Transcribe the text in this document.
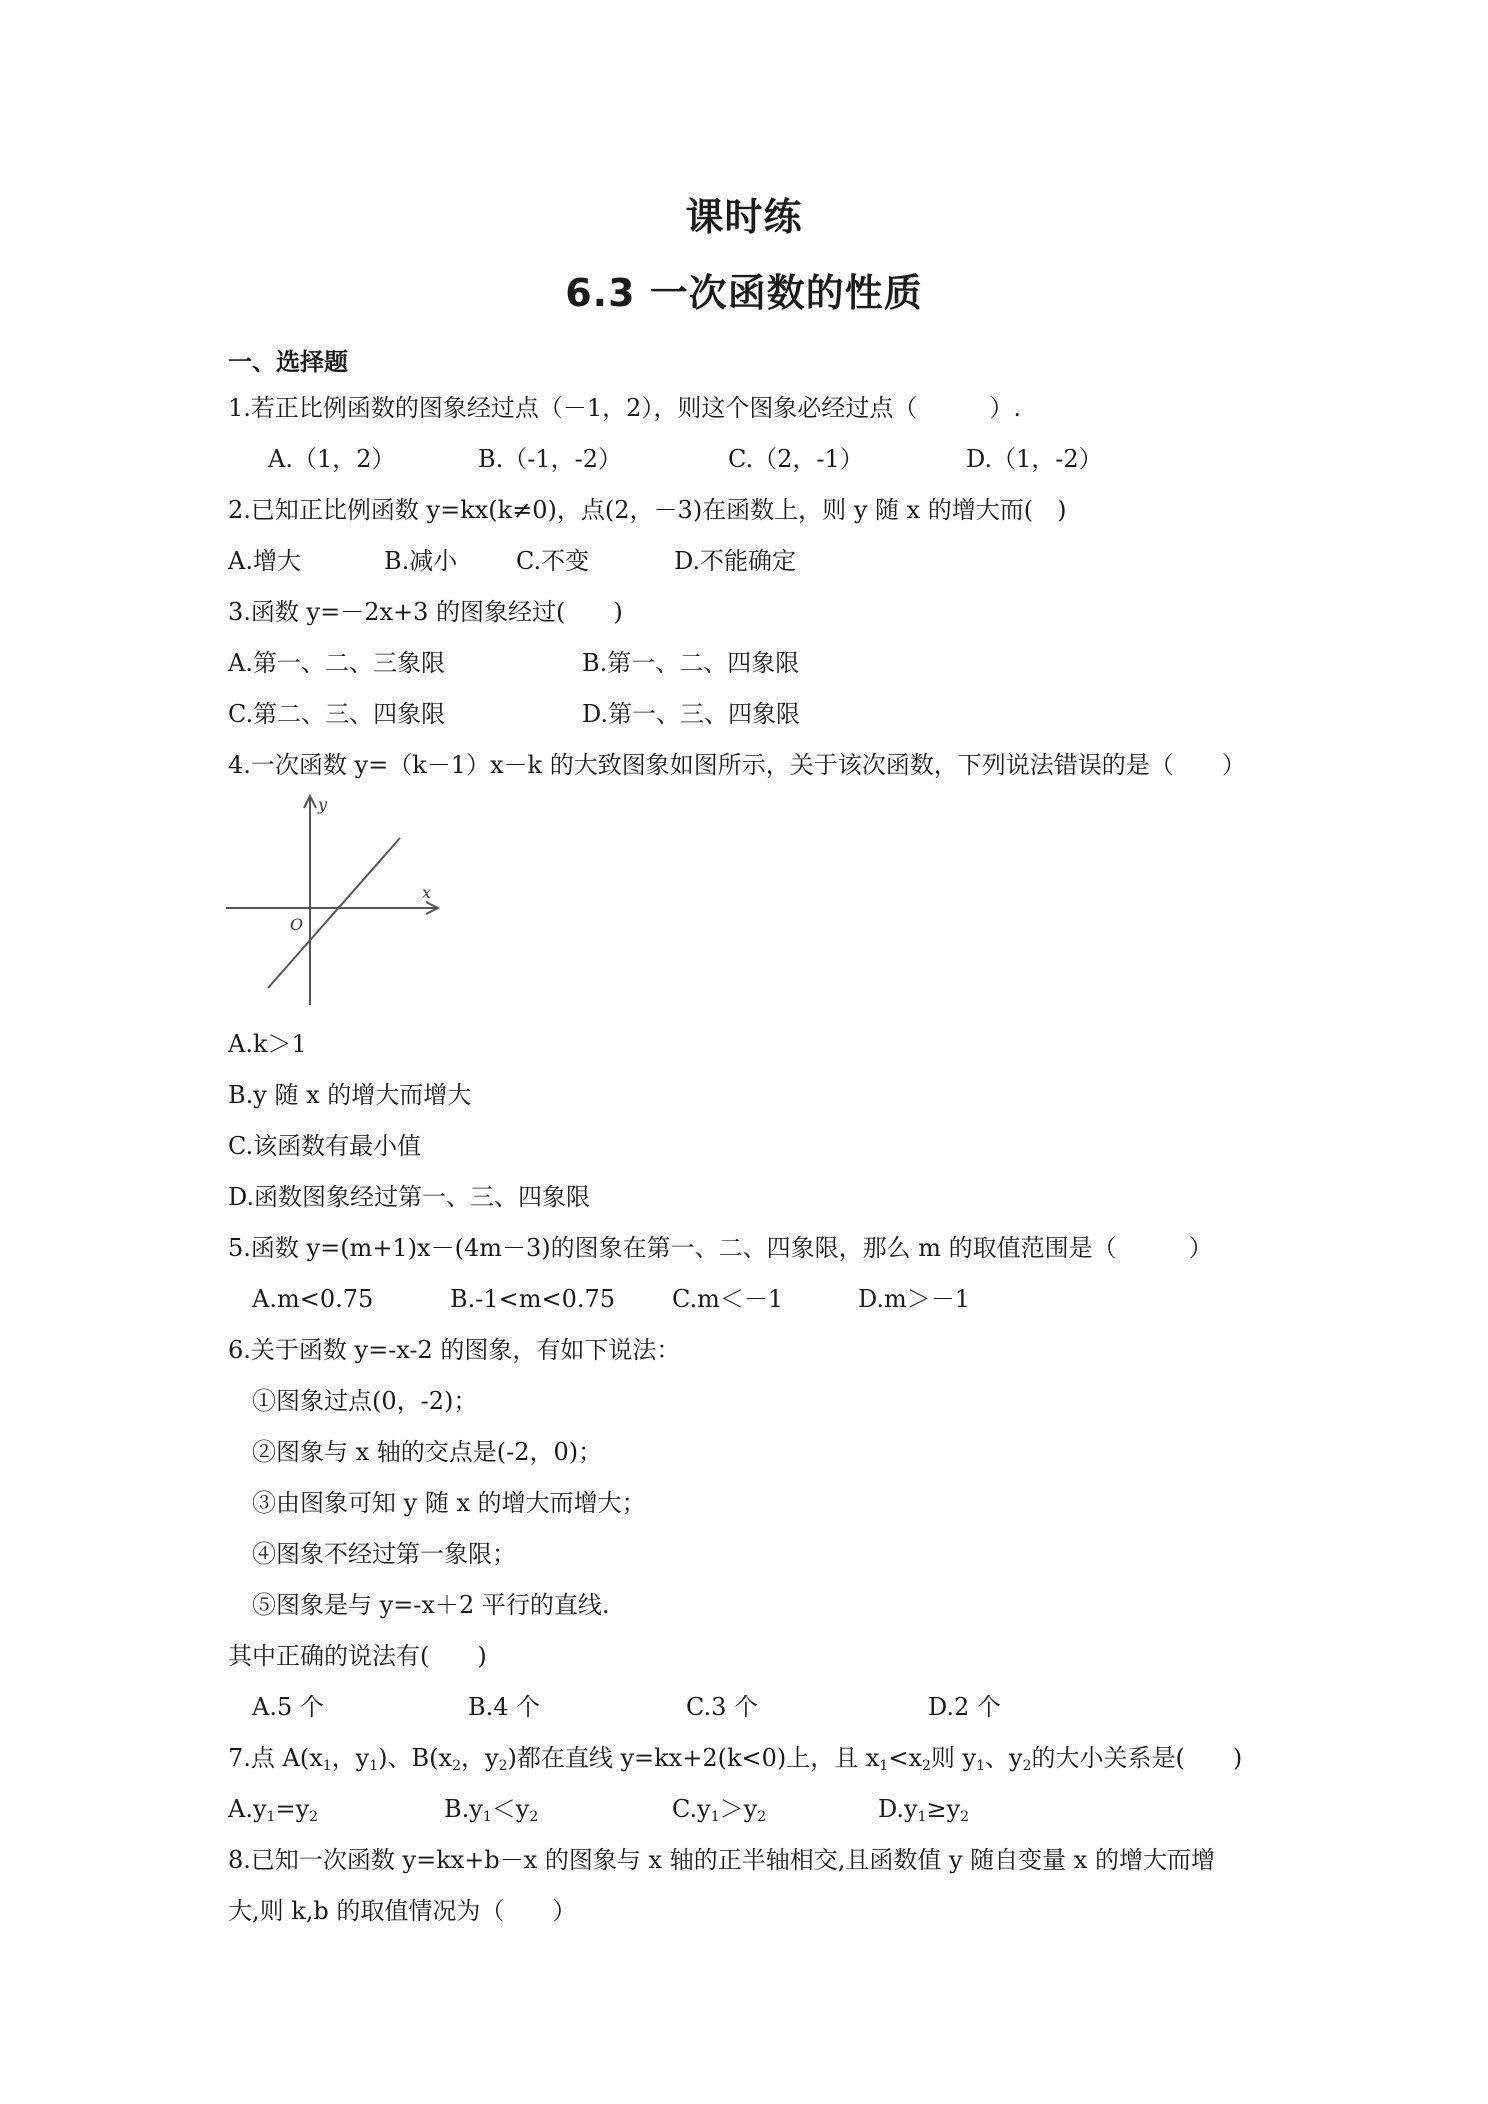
课时练
6.3 一次函数的性质
一、选择题
1.若正比例函数的图象经过点（－1，2），则这个图象必经过点（　　　）.
A.（1，2）	B.（-1，-2）	C.（2，-1）	D.（1，-2）
2.已知正比例函数 y=kx(k≠0)，点(2，－3)在函数上，则 y 随 x 的增大而(　)
A.增大	B.减小 C.不变	D.不能确定
3.函数 y=－2x+3 的图象经过(　　)
A.第一、二、三象限	B.第一、二、四象限
C.第二、三、四象限	D.第一、三、四象限
4.一次函数 y=（k－1）x－k 的大致图象如图所示，关于该次函数，下列说法错误的是（　　）
y
x
O
A.k＞1
B.y 随 x 的增大而增大
C.该函数有最小值
D.函数图象经过第一、三、四象限
5.函数 y=(m+1)x－(4m－3)的图象在第一、二、四象限，那么 m 的取值范围是（　　　）
A.m<0.75	B.-1<m<0.75 C.m＜－1	D.m＞－1
6.关于函数 y=-x-2 的图象，有如下说法：
①图象过点(0，-2)；
②图象与 x 轴的交点是(-2，0)；
③由图象可知 y 随 x 的增大而增大；
④图象不经过第一象限；
⑤图象是与 y=-x＋2 平行的直线.
其中正确的说法有(　　)
A.5 个	B.4 个	C.3 个	D.2 个
7.点 $A(x_1$，$y_1$)、$B(x_2$，$y_2$)都在直线 y=kx+2(k<0)上，且 $x_1<x_2$则 $y_1$、$y_2$的大小关系是(　　)
$A.y_1=y_2$	$B.y_1<y_2$	$C.y_1>y_2$	$D.y_1\ge y_2$
8.已知一次函数 y=kx+b－x 的图象与 x 轴的正半轴相交,且函数值 y 随自变量 x 的增大而增
大,则 k,b 的取值情况为（　　）
